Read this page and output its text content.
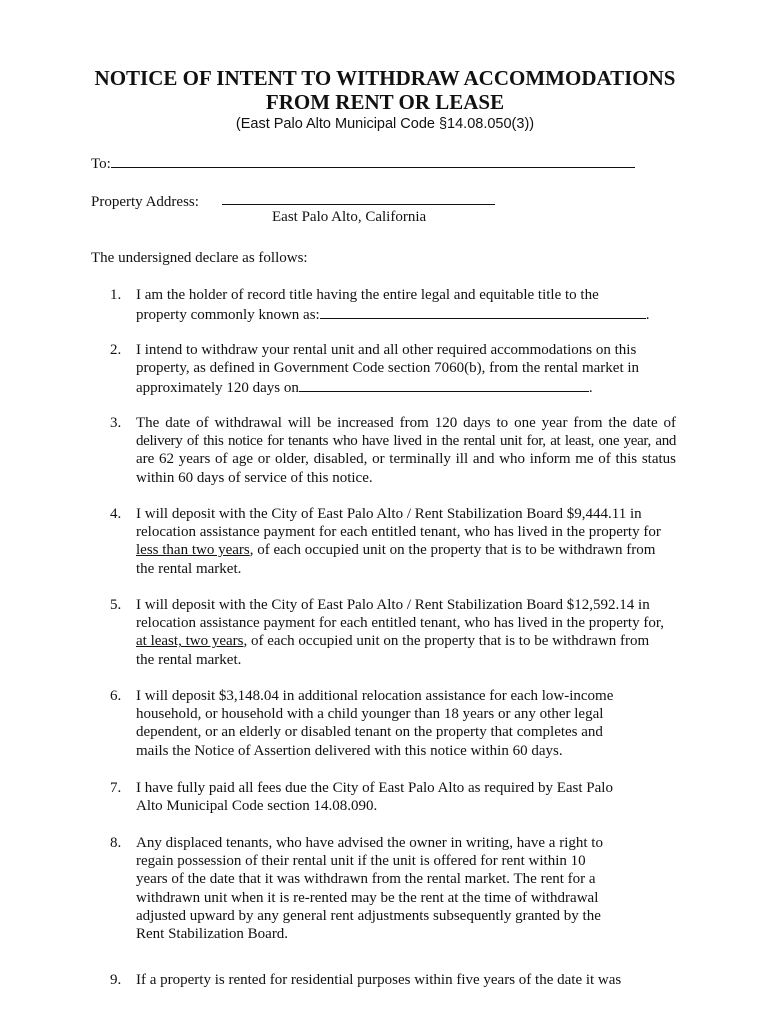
NOTICE OF INTENT TO WITHDRAW ACCOMMODATIONS
FROM RENT OR LEASE
(East Palo Alto Municipal Code §14.08.050(3))
To:
Property Address:
East Palo Alto, California
The undersigned declare as follows:
1. I am the holder of record title having the entire legal and equitable title to the
property commonly known as:	.
2. I intend to withdraw your rental unit and all other required accommodations on this
property, as defined in Government Code section 7060(b), from the rental market in
approximately 120 days on	.
3. The date of withdrawal will be increased from 120 days to one year from the date of
delivery of this notice for tenants who have lived in the rental unit for, at least, one year, and
are 62 years of age or older, disabled, or terminally ill and who inform me of this status
within 60 days of service of this notice.
4. I will deposit with the City of East Palo Alto / Rent Stabilization Board $9,444.11 in
relocation assistance payment for each entitled tenant, who has lived in the property for
less than two years, of each occupied unit on the property that is to be withdrawn from
the rental market.
5. I will deposit with the City of East Palo Alto / Rent Stabilization Board $12,592.14 in
relocation assistance payment for each entitled tenant, who has lived in the property for,
at least, two years, of each occupied unit on the property that is to be withdrawn from
the rental market.
6. I will deposit $3,148.04 in additional relocation assistance for each low-income
household, or household with a child younger than 18 years or any other legal
dependent, or an elderly or disabled tenant on the property that completes and
mails the Notice of Assertion delivered with this notice within 60 days.
7. I have fully paid all fees due the City of East Palo Alto as required by East Palo
Alto Municipal Code section 14.08.090.
8. Any displaced tenants, who have advised the owner in writing, have a right to
regain possession of their rental unit if the unit is offered for rent within 10
years of the date that it was withdrawn from the rental market. The rent for a
withdrawn unit when it is re-rented may be the rent at the time of withdrawal
adjusted upward by any general rent adjustments subsequently granted by the
Rent Stabilization Board.
9. If a property is rented for residential purposes within five years of the date it was
